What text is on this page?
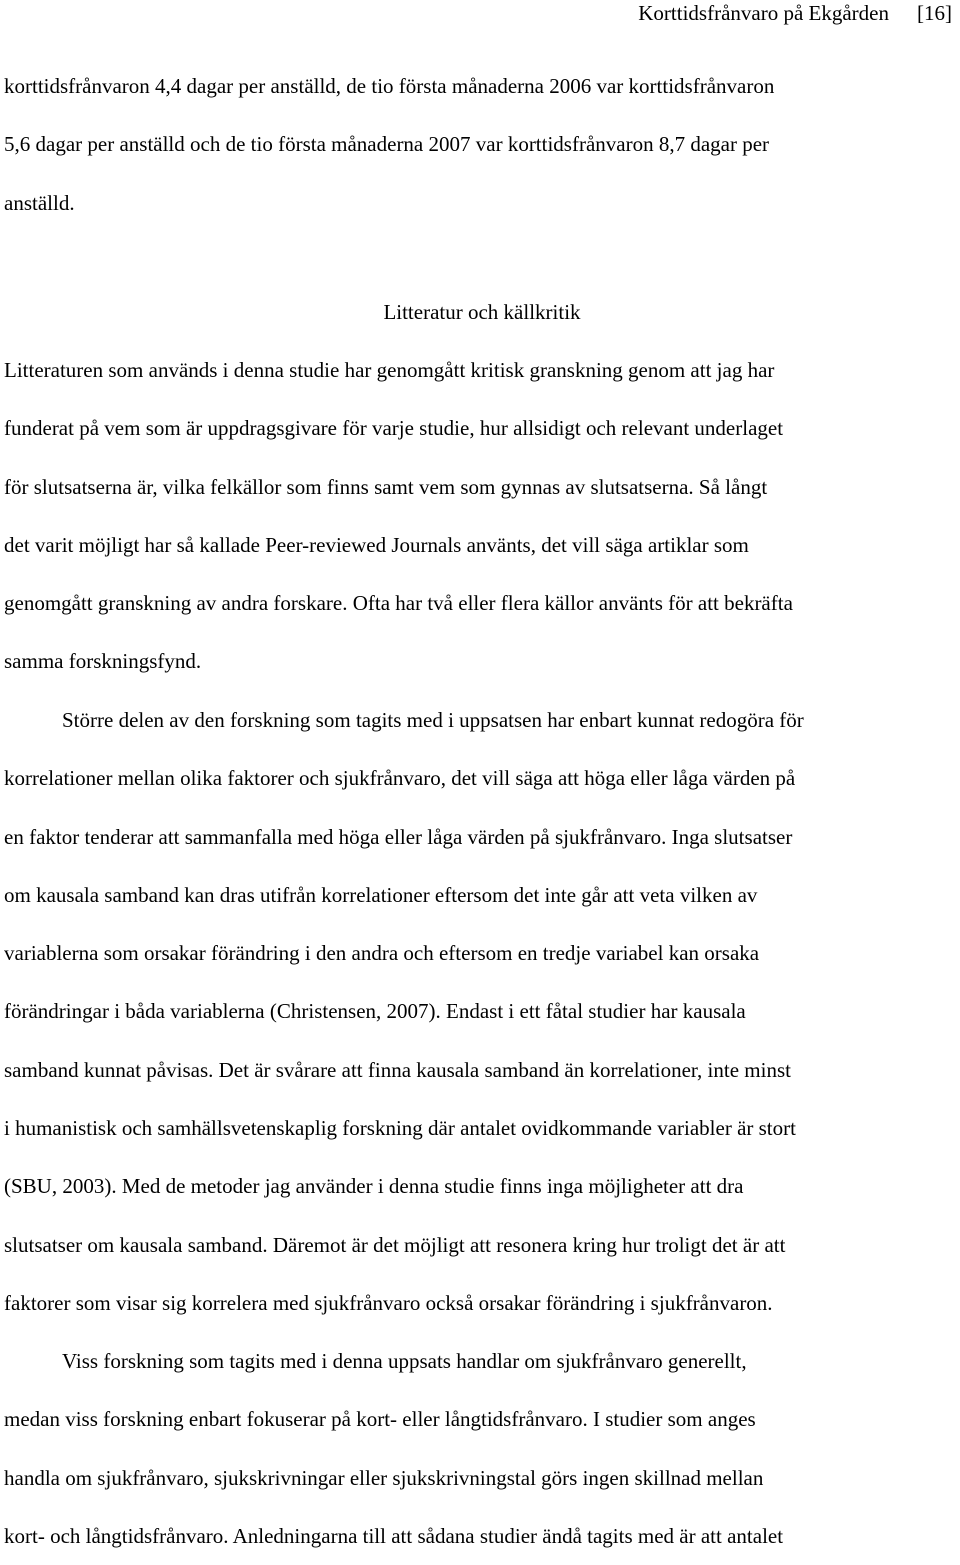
Korttidsfrånvaro på Ekgården [16]

korttidsfrånvaron 4,4 dagar per anställd, de tio första månaderna 2006 var korttidsfrånvaron
5,6 dagar per anställd och de tio första månaderna 2007 var korttidsfrånvaron 8,7 dagar per
anställd.

Litteratur och källkritik

Litteraturen som används i denna studie har genomgått kritisk granskning genom att jag har
funderat på vem som är uppdragsgivare för varje studie, hur allsidigt och relevant underlaget
för slutsatserna är, vilka felkällor som finns samt vem som gynnas av slutsatserna. Så långt
det varit möjligt har så kallade Peer-reviewed Journals använts, det vill säga artiklar som
genomgått granskning av andra forskare. Ofta har två eller flera källor använts för att bekräfta
samma forskningsfynd.

Större delen av den forskning som tagits med i uppsatsen har enbart kunnat redogöra för
korrelationer mellan olika faktorer och sjukfrånvaro, det vill säga att höga eller låga värden på
en faktor tenderar att sammanfalla med höga eller låga värden på sjukfrånvaro. Inga slutsatser
om kausala samband kan dras utifrån korrelationer eftersom det inte går att veta vilken av
variablerna som orsakar förändring i den andra och eftersom en tredje variabel kan orsaka
förändringar i båda variablerna (Christensen, 2007). Endast i ett fåtal studier har kausala
samband kunnat påvisas. Det är svårare att finna kausala samband än korrelationer, inte minst
i humanistisk och samhällsvetenskaplig forskning där antalet ovidkommande variabler är stort
(SBU, 2003). Med de metoder jag använder i denna studie finns inga möjligheter att dra
slutsatser om kausala samband. Däremot är det möjligt att resonera kring hur troligt det är att
faktorer som visar sig korrelera med sjukfrånvaro också orsakar förändring i sjukfrånvaron.

Viss forskning som tagits med i denna uppsats handlar om sjukfrånvaro generellt,
medan viss forskning enbart fokuserar på kort- eller långtidsfrånvaro. I studier som anges
handla om sjukfrånvaro, sjukskrivningar eller sjukskrivningstal görs ingen skillnad mellan
kort- och långtidsfrånvaro. Anledningarna till att sådana studier ändå tagits med är att antalet
